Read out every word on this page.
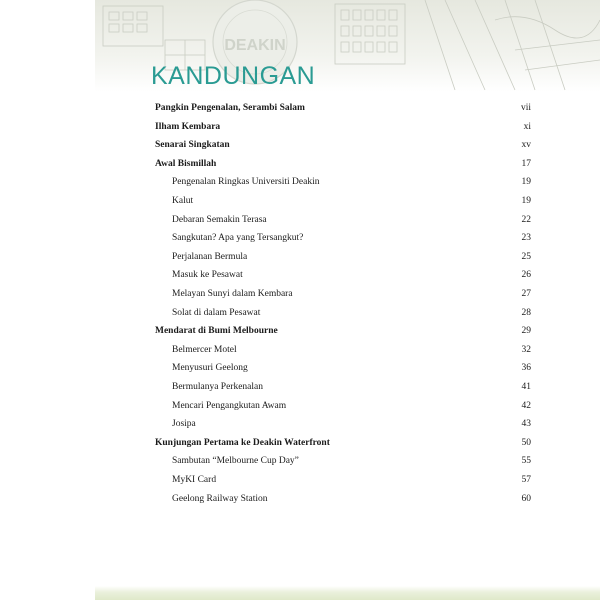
DEAKIN
KANDUNGAN
Pangkin Pengenalan, Serambi Salam	vii
Ilham Kembara	xi
Senarai Singkatan	xv
Awal Bismillah	17
Pengenalan Ringkas Universiti Deakin	19
Kalut	19
Debaran Semakin Terasa	22
Sangkutan? Apa yang Tersangkut?	23
Perjalanan Bermula	25
Masuk ke Pesawat	26
Melayan Sunyi dalam Kembara	27
Solat di dalam Pesawat	28
Mendarat di Bumi Melbourne	29
Belmercer Motel	32
Menyusuri Geelong	36
Bermulanya Perkenalan	41
Mencari Pengangkutan Awam	42
Josipa	43
Kunjungan Pertama ke Deakin Waterfront	50
Sambutan “Melbourne Cup Day”	55
MyKI Card	57
Geelong Railway Station	60
